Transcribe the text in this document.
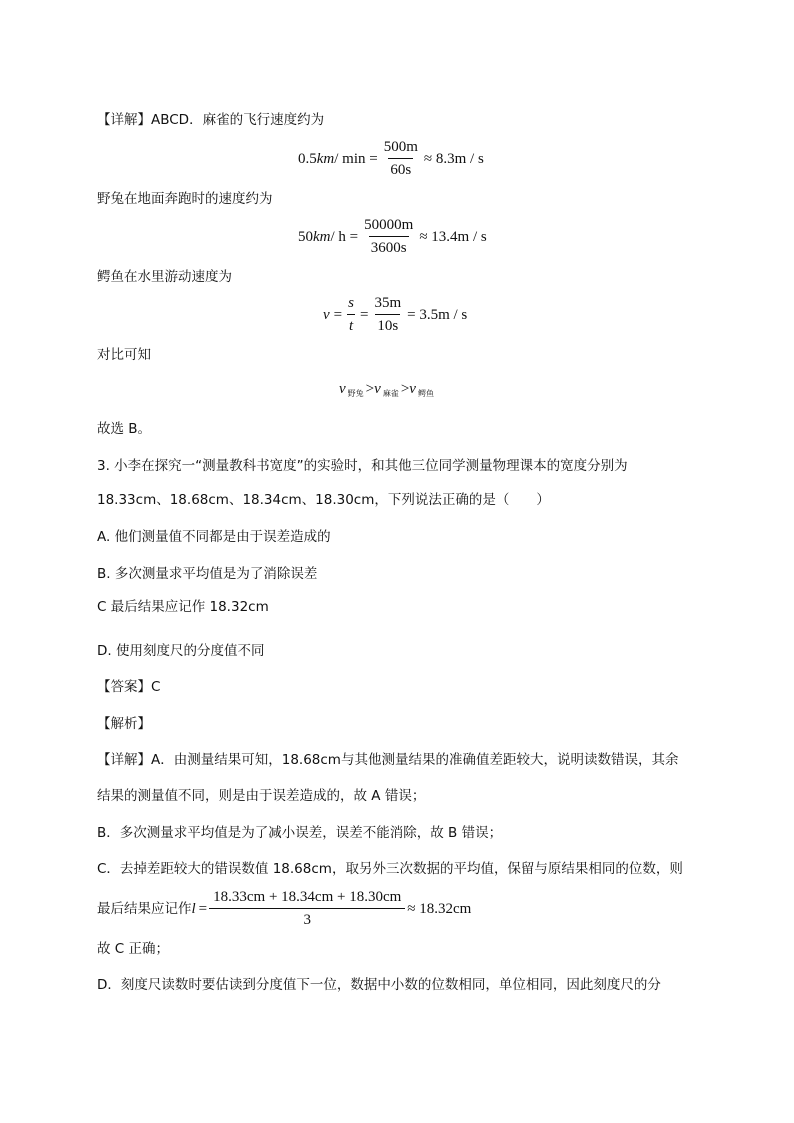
【详解】ABCD．麻雀的飞行速度约为
0.5 km / $\min = \frac{500m}{60s} \approx 8.3m / s$
野兔在地面奔跑时的速度约为
50 km / $h = \frac{50000m}{3600s} \approx 13.4m / s$
鳄鱼在水里游动速度为
$v = \frac{s}{t} = \frac{35m}{10s} = 3.5m / s$
对比可知
v 野兔 > v 麻雀 > v 鳄鱼
故选 B。
3. 小李在探究一“测量教科书宽度”的实验时，和其他三位同学测量物理课本的宽度分别为
18.33cm、18.68cm、18.34cm、18.30cm，下列说法正确的是（　　）
A. 他们测量值不同都是由于误差造成的
B. 多次测量求平均值是为了消除误差
C 最后结果应记作 18.32cm
D. 使用刻度尺的分度值不同
【答案】C
【解析】
【详解】A．由测量结果可知，18.68cm与其他测量结果的准确值差距较大，说明读数错误，其余
结果的测量值不同，则是由于误差造成的，故 A 错误；
B．多次测量求平均值是为了减小误差，误差不能消除，故 B 错误；
C．去掉差距较大的错误数值 18.68cm，取另外三次数据的平均值，保留与原结果相同的位数，则
最后结果应记作 $l = \frac{18.33cm + 18.34cm + 18.30cm}{3} \approx 18.32cm$
故 C 正确；
D．刻度尺读数时要估读到分度值下一位，数据中小数的位数相同，单位相同，因此刻度尺的分
